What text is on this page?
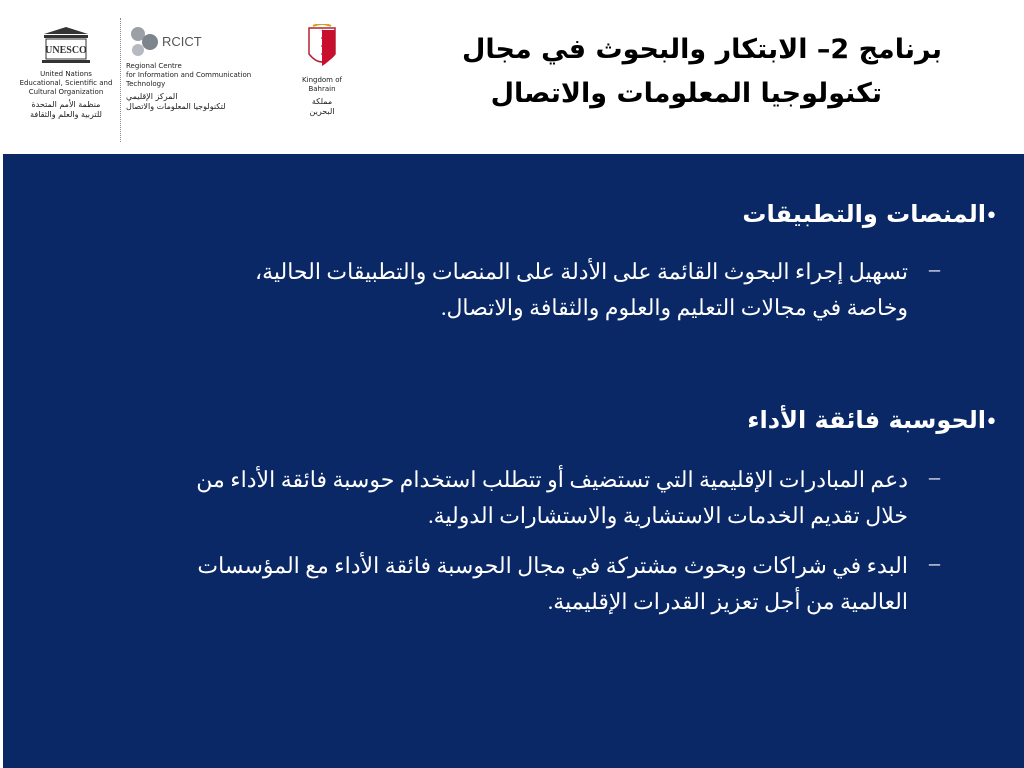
UNESCO
United Nations
Educational, Scientific and
Cultural Organization
منظمة الأمم المتحدة
للتربية والعلم والثقافة
RCICT
Regional Centre
for Information and Communication
Technology
المركز الإقليمي
لتكنولوجيا المعلومات والاتصال
Kingdom of
Bahrain
مملكة
البحرين
برنامج 2– الابتكار والبحوث في مجال
تكنولوجيا المعلومات والاتصال
•
المنصات والتطبيقات
–
تسهيل إجراء البحوث القائمة على الأدلة على المنصات والتطبيقات الحالية،
وخاصة في مجالات التعليم والعلوم والثقافة والاتصال.
•
الحوسبة فائقة الأداء
–
دعم المبادرات الإقليمية التي تستضيف أو تتطلب استخدام حوسبة فائقة الأداء من
خلال تقديم الخدمات الاستشارية والاستشارات الدولية.
–
البدء في شراكات وبحوث مشتركة في مجال الحوسبة فائقة الأداء مع المؤسسات
العالمية من أجل تعزيز القدرات الإقليمية.
